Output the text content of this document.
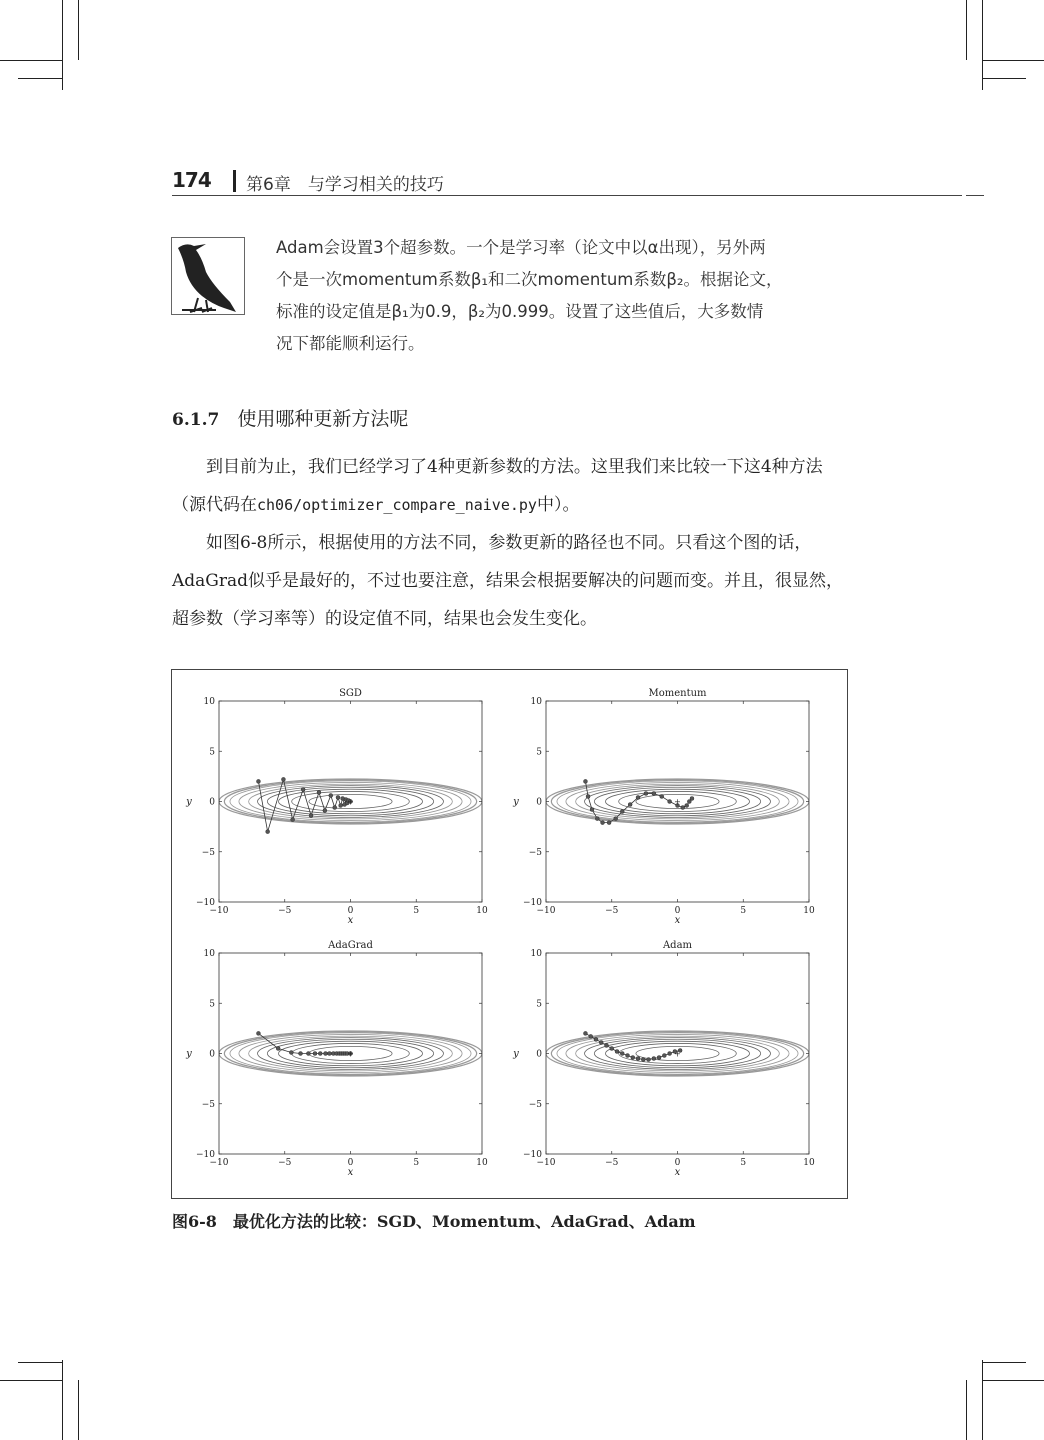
174 第6章　与学习相关的技巧

Adam会设置3个超参数。一个是学习率（论文中以α出现），另外两

个是一次momentum系数β₁和二次momentum系数β₂。根据论文，

标准的设定值是β₁为0.9，β₂为0.999。设置了这些值后，大多数情

况下都能顺利运行。

6.1.7 使用哪种更新方法呢

到目前为止，我们已经学习了4种更新参数的方法。这里我们来比较一下这4种方法（源代码在ch06/optimizer_compare_naive.py中）。

如图6-8所示，根据使用的方法不同，参数更新的路径也不同。只看这个图的话，AdaGrad似乎是最好的，不过也要注意，结果会根据要解决的问题而变。并且，很显然，超参数（学习率等）的设定值不同，结果也会发生变化。

SGD
−10	−5	0	5	10
10
5
0
−5
−10
x
y	+
Momentum
−10	−5	0	5	10
10
5
0
−5
−10
x
y	+
AdaGrad
−10	−5	0	5	10
10
5
0
−5
−10
x
y	+
Adam
−10	−5	0	5	10
10
5
0
−5
−10
x
y	+
图6-8 最优化方法的比较：SGD、Momentum、AdaGrad、Adam
